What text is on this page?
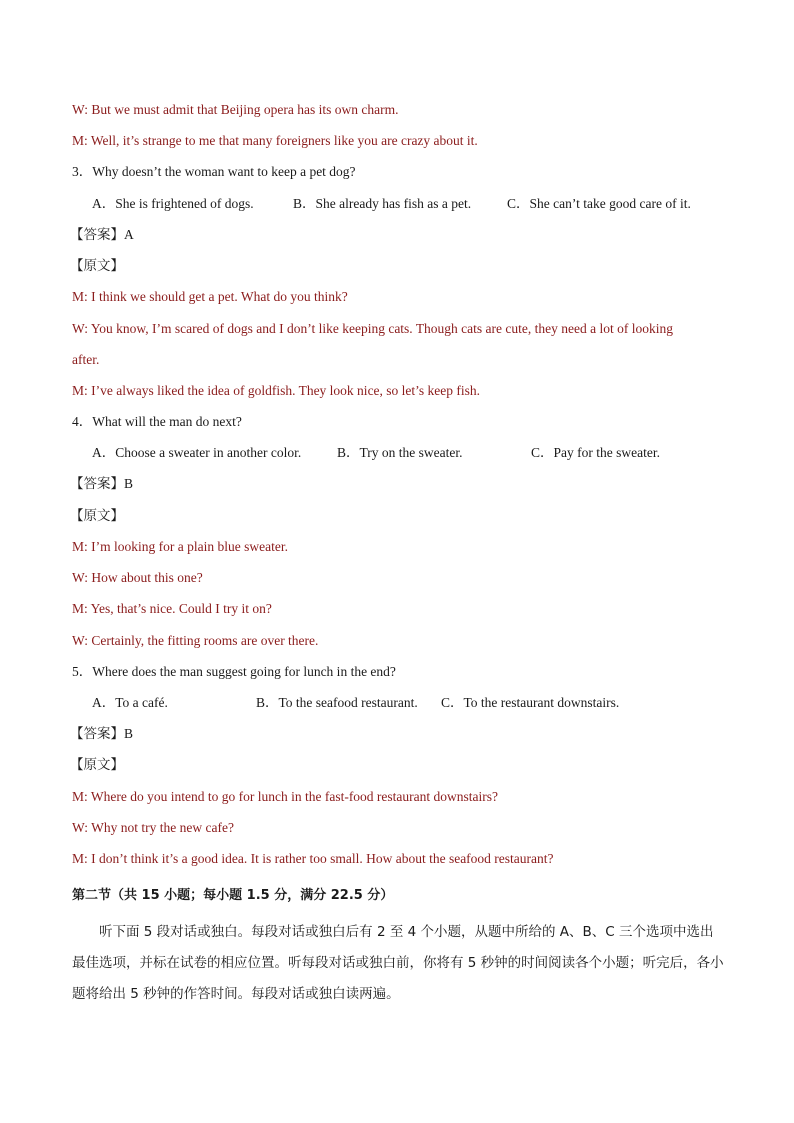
W: But we must admit that Beijing opera has its own charm.
M: Well, it’s strange to me that many foreigners like you are crazy about it.
3．Why doesn’t the woman want to keep a pet dog?
A．She is frightened of dogs.	B．She already has fish as a pet.	C．She can’t take good care of it.
【答案】A
【原文】
M: I think we should get a pet. What do you think?
W: You know, I’m scared of dogs and I don’t like keeping cats. Though cats are cute, they need a lot of looking
after.
M: I’ve always liked the idea of goldfish. They look nice, so let’s keep fish.
4．What will the man do next?
A．Choose a sweater in another color.	B．Try on the sweater.	C．Pay for the sweater.
【答案】B
【原文】
M: I’m looking for a plain blue sweater.
W: How about this one?
M: Yes, that’s nice. Could I try it on?
W: Certainly, the fitting rooms are over there.
5．Where does the man suggest going for lunch in the end?
A．To a café.	B．To the seafood restaurant. C．To the restaurant downstairs.
【答案】B
【原文】
M: Where do you intend to go for lunch in the fast-food restaurant downstairs?
W: Why not try the new cafe?
M: I don’t think it’s a good idea. It is rather too small. How about the seafood restaurant?
第二节（共 15 小题；每小题 1.5 分，满分 22.5 分）

听下面 5 段对话或独白。每段对话或独白后有 2 至 4 个小题，从题中所给的 A、B、C 三个选项中选出最佳选项，并标在试卷的相应位置。听每段对话或独白前，你将有 5 秒钟的时间阅读各个小题；听完后，各小题将给出 5 秒钟的作答时间。每段对话或独白读两遍。
